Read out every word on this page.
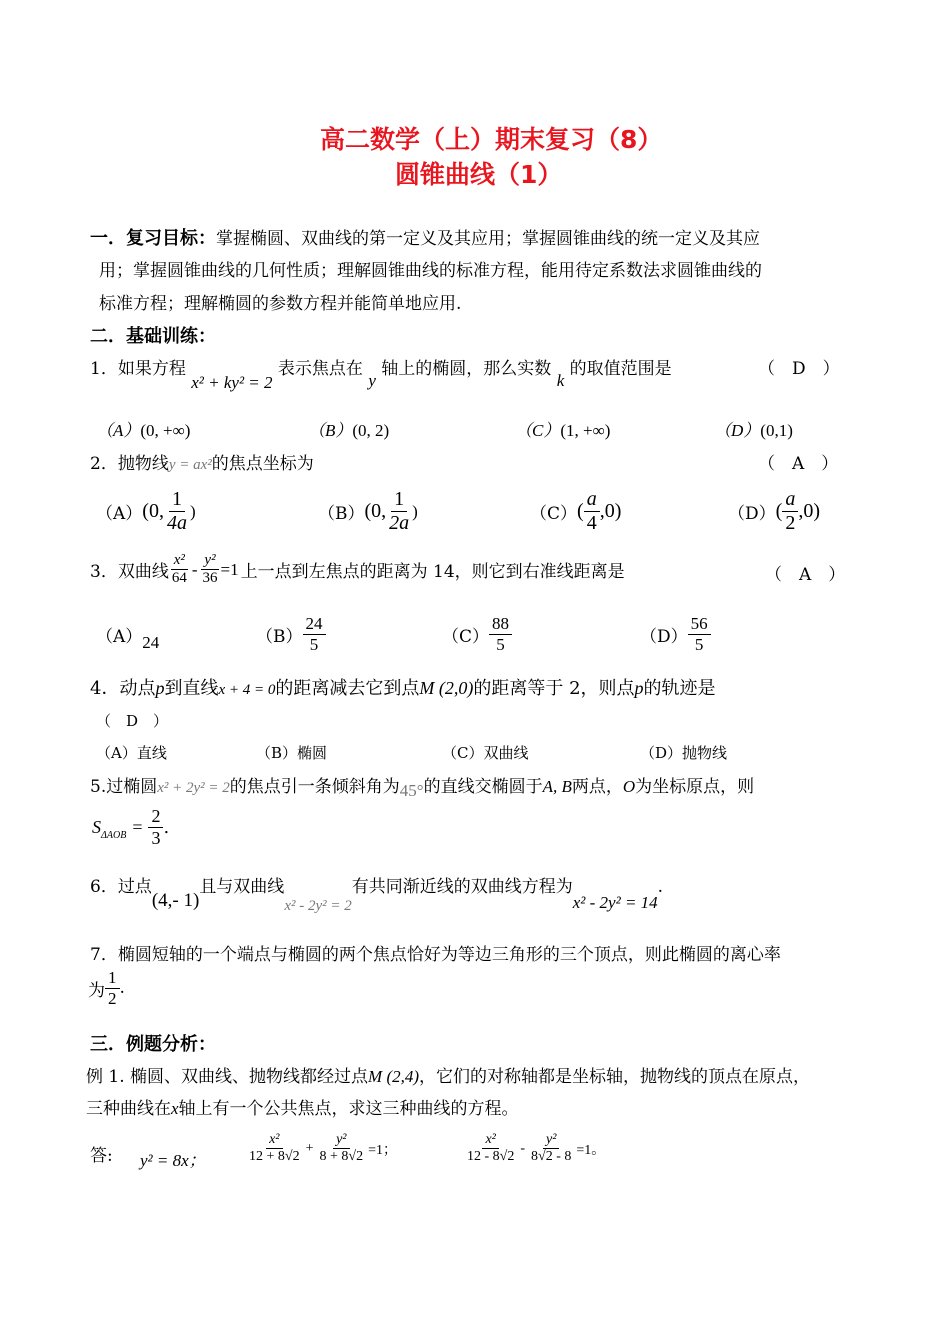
高二数学（上）期末复习（8）
圆锥曲线（1）
一．复习目标：掌握椭圆、双曲线的第一定义及其应用；掌握圆锥曲线的统一定义及其应
用；掌握圆锥曲线的几何性质；理解圆锥曲线的标准方程，能用待定系数法求圆锥曲线的
标准方程；理解椭圆的参数方程并能简单地应用.
二．基础训练：
1．如果方程 x² + ky² = 2 表示焦点在 y 轴上的椭圆，那么实数 k 的取值范围是	（　D　）
（A）(0, +∞)	（B）(0, 2)	（C）(1, +∞)	（D）(0,1)
2．抛物线y = ax²的焦点坐标为	（　A　）
（A） (0, $\frac{1}{4a}$ )	（B） (0, $\frac{1}{2a}$ )	（C） ( $\frac{a}{4} ,0$)	（D） ( $\frac{a}{2} ,0$)
3．双曲线 $\frac{\text{x²}}{64} - \frac{\text{y²}}{36} =1$ 上一点到左焦点的距离为 14，则它到右准线距离是	（　A　）
（A）24	$(B) \frac{24}{5}$	$(C) \frac{88}{5}$	$(D) \frac{56}{5}$
4．动点p到直线x + 4 = 0的距离减去它到点M (2,0)的距离等于 2，则点p的轨迹是
（　D　）
（A）直线	（B）椭圆	（C）双曲线	（D）抛物线
5.过椭圆x² + 2y² = 2的焦点引一条倾斜角为45°的直线交椭圆于A, B两点，O为坐标原点，则
S $\Delta AOB = \frac{2}{3}$ .
6．过点(4,- 1)且与双曲线x² - 2y² = 2有共同渐近线的双曲线方程为x² - 2y² = 14.
7．椭圆短轴的一个端点与椭圆的两个焦点恰好为等边三角形的三个顶点，则此椭圆的离心率
为 $\frac{1}{2}$ .
三．例题分析：
例 1. 椭圆、双曲线、抛物线都经过点M (2,4)，它们的对称轴都是坐标轴，抛物线的顶点在原点，
三种曲线在x轴上有一个公共焦点，求这三种曲线的方程。
答: y² = 8x；	$\frac{\text{x²}}{12 + 8√2} + \frac{\text{y²}}{8 + 8√2} =1$；	$\frac{\text{x²}}{12 - 8√2} - \frac{\text{y²}}{8√2 - 8} =1$。
